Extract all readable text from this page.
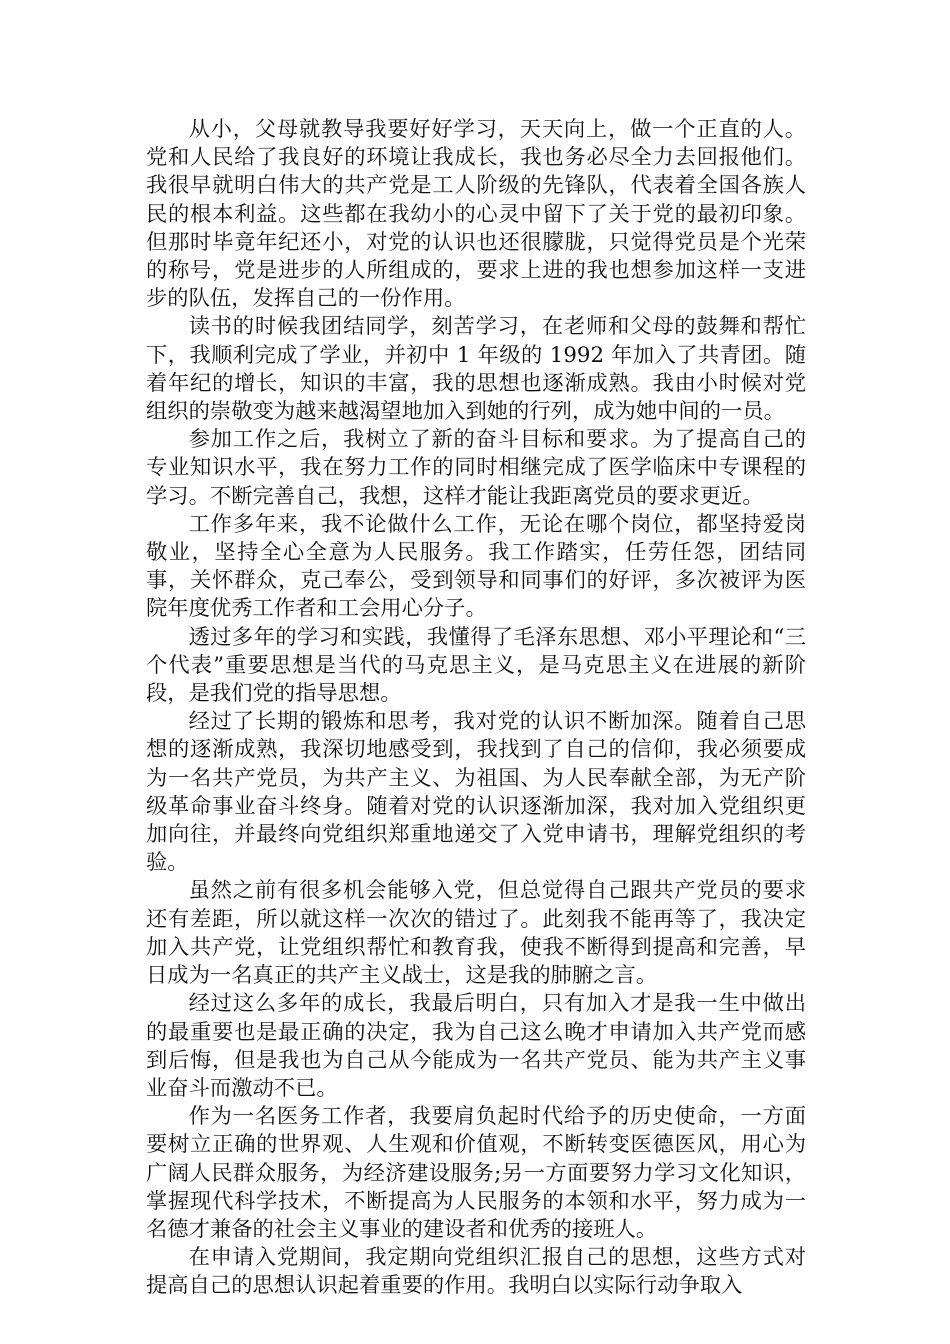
从小，父母就教导我要好好学习，天天向上，做一个正直的人。党和人民给了我良好的环境让我成长，我也务必尽全力去回报他们。我很早就明白伟大的共产党是工人阶级的先锋队，代表着全国各族人民的根本利益。这些都在我幼小的心灵中留下了关于党的最初印象。但那时毕竟年纪还小，对党的认识也还很朦胧，只觉得党员是个光荣的称号，党是进步的人所组成的，要求上进的我也想参加这样一支进步的队伍，发挥自己的一份作用。

读书的时候我团结同学，刻苦学习，在老师和父母的鼓舞和帮忙下，我顺利完成了学业，并初中 1 年级的 1992 年加入了共青团。随着年纪的增长，知识的丰富，我的思想也逐渐成熟。我由小时候对党组织的崇敬变为越来越渴望地加入到她的行列，成为她中间的一员。

参加工作之后，我树立了新的奋斗目标和要求。为了提高自己的专业知识水平，我在努力工作的同时相继完成了医学临床中专课程的学习。不断完善自己，我想，这样才能让我距离党员的要求更近。

工作多年来，我不论做什么工作，无论在哪个岗位，都坚持爱岗敬业，坚持全心全意为人民服务。我工作踏实，任劳任怨，团结同事，关怀群众，克己奉公，受到领导和同事们的好评，多次被评为医院年度优秀工作者和工会用心分子。

透过多年的学习和实践，我懂得了毛泽东思想、邓小平理论和“三个代表”重要思想是当代的马克思主义，是马克思主义在进展的新阶段，是我们党的指导思想。

经过了长期的锻炼和思考，我对党的认识不断加深。随着自己思想的逐渐成熟，我深切地感受到，我找到了自己的信仰，我必须要成为一名共产党员，为共产主义、为祖国、为人民奉献全部，为无产阶级革命事业奋斗终身。随着对党的认识逐渐加深，我对加入党组织更加向往，并最终向党组织郑重地递交了入党申请书，理解党组织的考验。

虽然之前有很多机会能够入党，但总觉得自己跟共产党员的要求还有差距，所以就这样一次次的错过了。此刻我不能再等了，我决定加入共产党，让党组织帮忙和教育我，使我不断得到提高和完善，早日成为一名真正的共产主义战士，这是我的肺腑之言。

经过这么多年的成长，我最后明白，只有加入才是我一生中做出的最重要也是最正确的决定，我为自己这么晚才申请加入共产党而感到后悔，但是我也为自己从今能成为一名共产党员、能为共产主义事业奋斗而激动不已。

作为一名医务工作者，我要肩负起时代给予的历史使命，一方面要树立正确的世界观、人生观和价值观，不断转变医德医风，用心为广阔人民群众服务，为经济建设服务;另一方面要努力学习文化知识，掌握现代科学技术，不断提高为人民服务的本领和水平，努力成为一名德才兼备的社会主义事业的建设者和优秀的接班人。

在申请入党期间，我定期向党组织汇报自己的思想，这些方式对提高自己的思想认识起着重要的作用。我明白以实际行动争取入
